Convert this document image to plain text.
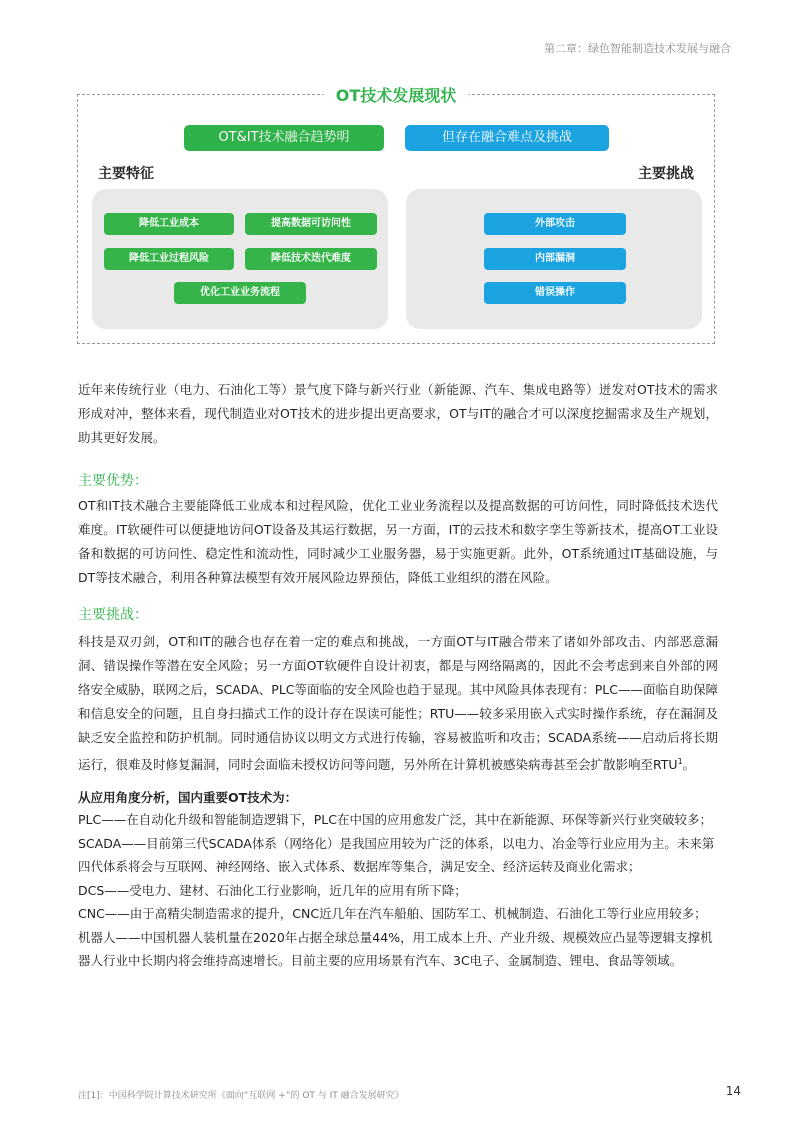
第二章：绿色智能制造技术发展与融合
OT技术发展现状
OT&IT技术融合趋势明	但存在融合难点及挑战
主要特征	主要挑战
降低工业成本	提高数据可访问性
降低工业过程风险	降低技术迭代难度
优化工业业务流程
外部攻击
内部漏洞
错误操作

近年来传统行业（电力、石油化工等）景气度下降与新兴行业（新能源、汽车、集成电路等）迸发对OT技术的需求形成对冲，整体来看，现代制造业对OT技术的进步提出更高要求，OT与IT的融合才可以深度挖掘需求及生产规划，助其更好发展。

主要优势：

OT和IT技术融合主要能降低工业成本和过程风险，优化工业业务流程以及提高数据的可访问性，同时降低技术迭代难度。IT软硬件可以便捷地访问OT设备及其运行数据，另一方面，IT的云技术和数字孪生等新技术，提高OT工业设备和数据的可访问性、稳定性和流动性，同时减少工业服务器，易于实施更新。此外，OT系统通过IT基础设施，与DT等技术融合，利用各种算法模型有效开展风险边界预估，降低工业组织的潜在风险。

主要挑战：

科技是双刃剑，OT和IT的融合也存在着一定的难点和挑战，一方面OT与IT融合带来了诸如外部攻击、内部恶意漏洞、错误操作等潜在安全风险；另一方面OT软硬件自设计初衷，都是与网络隔离的，因此不会考虑到来自外部的网络安全威胁，联网之后，SCADA、PLC等面临的安全风险也趋于显现。其中风险具体表现有：PLC——面临自助保障和信息安全的问题，且自身扫描式工作的设计存在误读可能性；RTU——较多采用嵌入式实时操作系统，存在漏洞及缺乏安全监控和防护机制。同时通信协议以明文方式进行传输，容易被监听和攻击；SCADA系统——启动后将长期运行，很难及时修复漏洞，同时会面临未授权访问等问题，另外所在计算机被感染病毒甚至会扩散影响至RTU$^1$。

从应用角度分析，国内重要OT技术为：

PLC——在自动化升级和智能制造逻辑下，PLC在中国的应用愈发广泛，其中在新能源、环保等新兴行业突破较多；

SCADA——目前第三代SCADA体系（网络化）是我国应用较为广泛的体系，以电力、冶金等行业应用为主。未来第四代体系将会与互联网、神经网络、嵌入式体系、数据库等集合，满足安全、经济运转及商业化需求；

DCS——受电力、建材、石油化工行业影响，近几年的应用有所下降；

CNC——由于高精尖制造需求的提升，CNC近几年在汽车船舶、国防军工、机械制造、石油化工等行业应用较多；

机器人——中国机器人装机量在2020年占据全球总量44%，用工成本上升、产业升级、规模效应凸显等逻辑支撑机器人行业中长期内将会维持高速增长。目前主要的应用场景有汽车、3C电子、金属制造、锂电、食品等领域。

注[1]：中国科学院计算技术研究所《面向“互联网 +”的 OT 与 IT 融合发展研究》	14
